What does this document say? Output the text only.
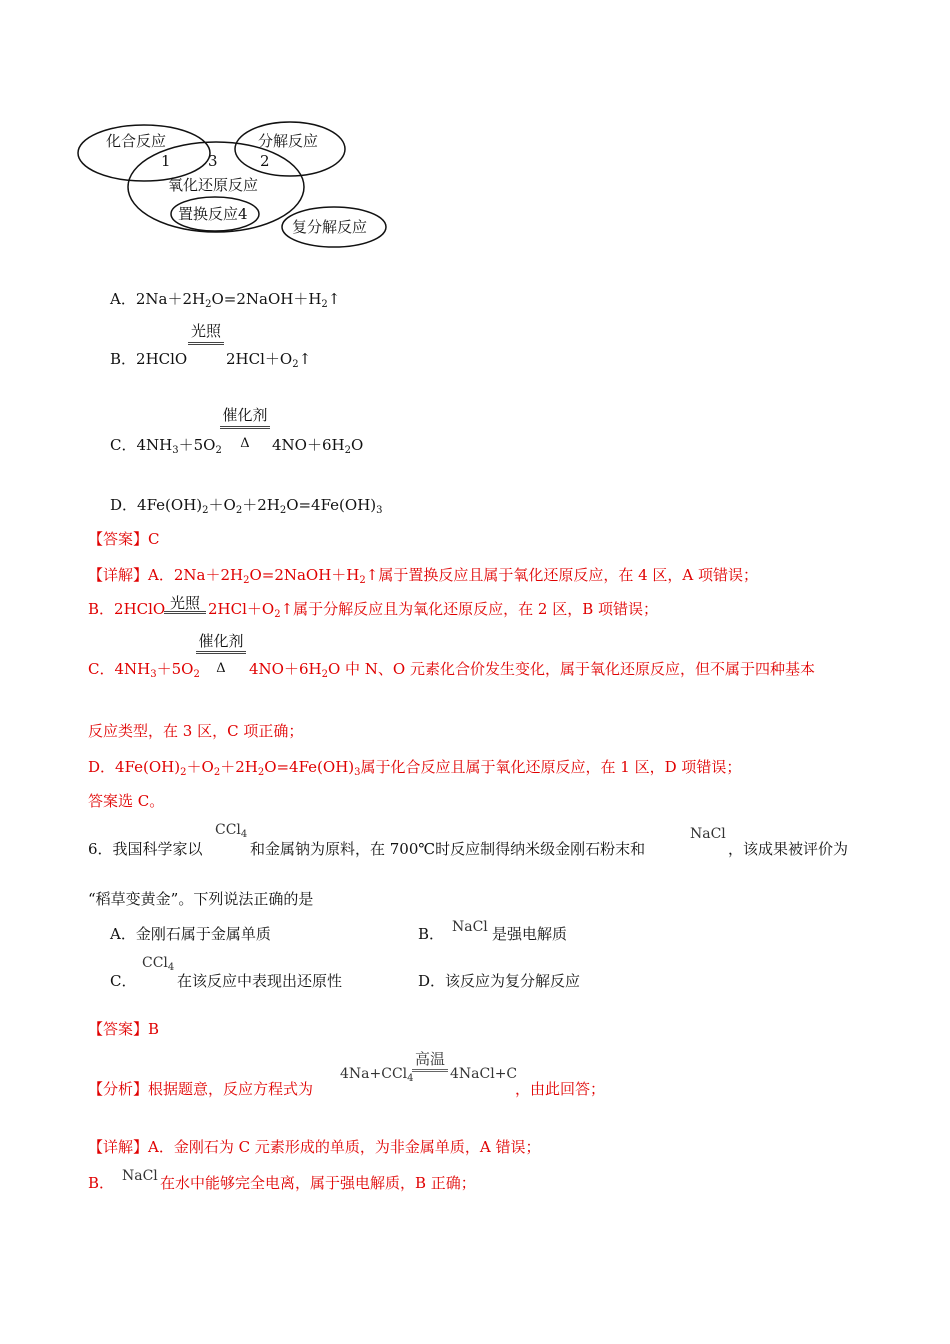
化合反应	分解反应
1 3	2
氧化还原反应
置换反应4
复分解反应
A．$2Na+2H_2O=2NaOH+H_2↑$
B．2HClO
光照
$2HCl+O_2↑$
C．$4NH_3+5O_2$
催化剂
Δ	$4NO+6H_2O$
D．$4Fe(OH)_2+O_2+2H_2O=4Fe(OH)_3$
【答案】C
【详解】A．$2Na+2H_2O=2NaOH+H_2↑$属于置换反应且属于氧化还原反应，在 4 区，A 项错误；
B．2HClO 光照 $2HCl+O_2↑$属于分解反应且为氧化还原反应，在 2 区，B 项错误；
C．$4NH_3+5O_2$
催化剂
Δ	$4NO+6H_2O$ 中 N、O 元素化合价发生变化，属于氧化还原反应，但不属于四种基本
反应类型，在 3 区，C 项正确；
D．$4Fe(OH)_2+O_2+2H_2O=4Fe(OH)_3$属于化合反应且属于氧化还原反应，在 1 区，D 项错误；
答案选 C。
6．我国科学家以
CCl$_4$
和金属钠为原料，在 700℃时反应制得纳米级金刚石粉末和
NaCl
，该成果被评价为
“稻草变黄金”。下列说法正确的是
A．金刚石属于金属单质	B． NaCl 是强电解质
C．
CCl$_4$
在该反应中表现出还原性	D．该反应为复分解反应
【答案】B
【分析】根据题意，反应方程式为
4Na+CCl$_4$
高温
4NaCl+C
，由此回答；
【详解】A．金刚石为 C 元素形成的单质，为非金属单质，A 错误；
B． NaCl 在水中能够完全电离，属于强电解质，B 正确；
